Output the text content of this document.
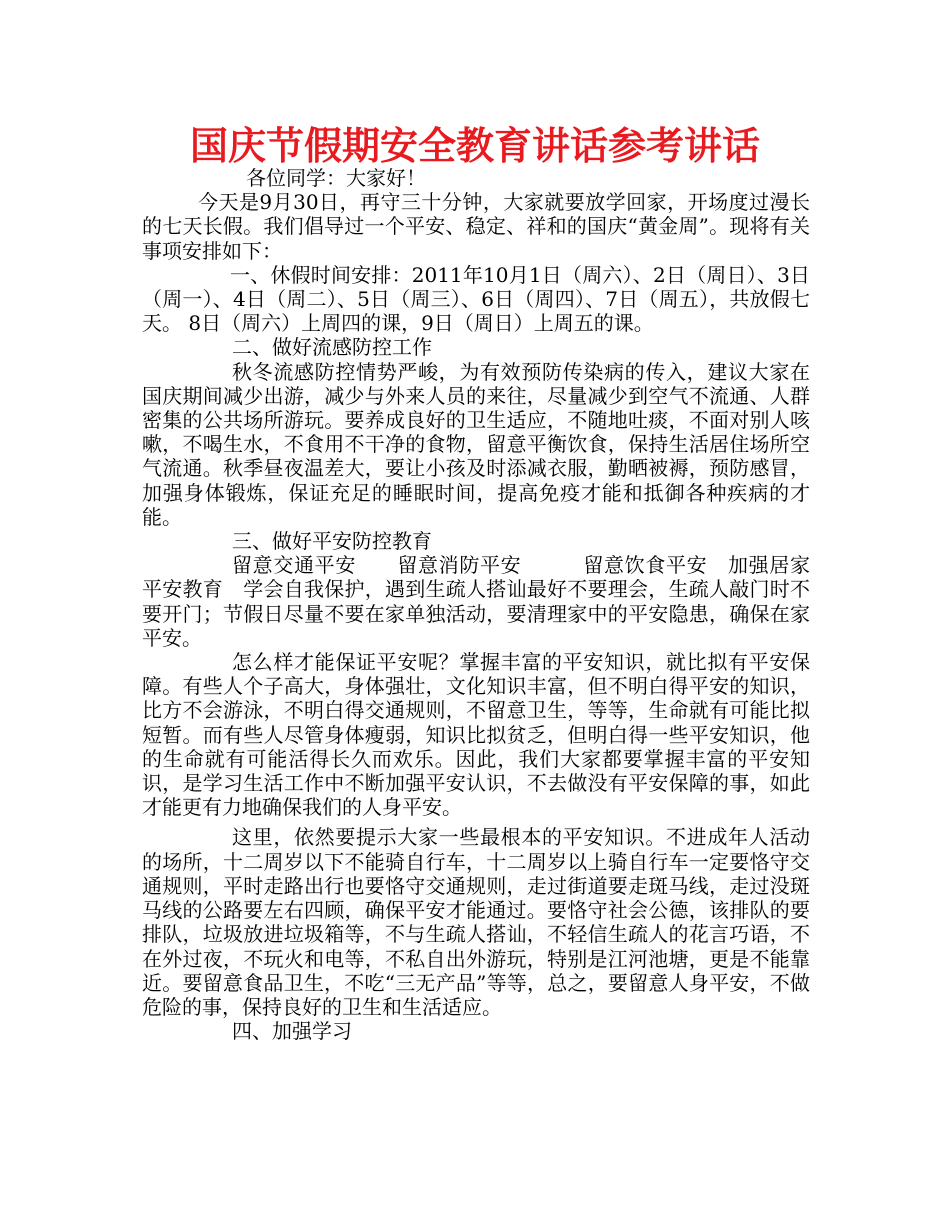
国庆节假期安全教育讲话参考讲话

各位同学：大家好！

今天是9月30日，再守三十分钟，大家就要放学回家，开场度过漫长的七天长假。我们倡导过一个平安、稳定、祥和的国庆“黄金周”。现将有关事项安排如下：

一、休假时间安排：2011年10月1日（周六）、2日（周日）、3日（周一）、4日（周二）、5日（周三）、6日（周四）、7日（周五），共放假七天。 8日（周六）上周四的课，9日（周日）上周五的课。

二、做好流感防控工作

秋冬流感防控情势严峻，为有效预防传染病的传入，建议大家在国庆期间减少出游，减少与外来人员的来往，尽量减少到空气不流通、人群密集的公共场所游玩。要养成良好的卫生适应，不随地吐痰，不面对别人咳嗽，不喝生水，不食用不干净的食物，留意平衡饮食，保持生活居住场所空气流通。秋季昼夜温差大，要让小孩及时添减衣服，勤晒被褥，预防感冒，加强身体锻炼，保证充足的睡眠时间，提高免疫才能和抵御各种疾病的才能。

三、做好平安防控教育

留意交通平安　　留意消防平安　　　留意饮食平安　加强居家平安教育　学会自我保护，遇到生疏人搭讪最好不要理会，生疏人敲门时不要开门；节假日尽量不要在家单独活动，要清理家中的平安隐患，确保在家平安。

怎么样才能保证平安呢？掌握丰富的平安知识，就比拟有平安保障。有些人个子高大，身体强壮，文化知识丰富，但不明白得平安的知识，比方不会游泳，不明白得交通规则，不留意卫生，等等，生命就有可能比拟短暂。而有些人尽管身体瘦弱，知识比拟贫乏，但明白得一些平安知识，他的生命就有可能活得长久而欢乐。因此，我们大家都要掌握丰富的平安知识，是学习生活工作中不断加强平安认识，不去做没有平安保障的事，如此才能更有力地确保我们的人身平安。

这里，依然要提示大家一些最根本的平安知识。不进成年人活动的场所，十二周岁以下不能骑自行车，十二周岁以上骑自行车一定要恪守交通规则，平时走路出行也要恪守交通规则，走过街道要走斑马线，走过没斑马线的公路要左右四顾，确保平安才能通过。要恪守社会公德，该排队的要排队，垃圾放进垃圾箱等，不与生疏人搭讪，不轻信生疏人的花言巧语，不在外过夜，不玩火和电等，不私自出外游玩，特别是江河池塘，更是不能靠近。要留意食品卫生，不吃“三无产品”等等，总之，要留意人身平安，不做危险的事，保持良好的卫生和生活适应。

四、加强学习
